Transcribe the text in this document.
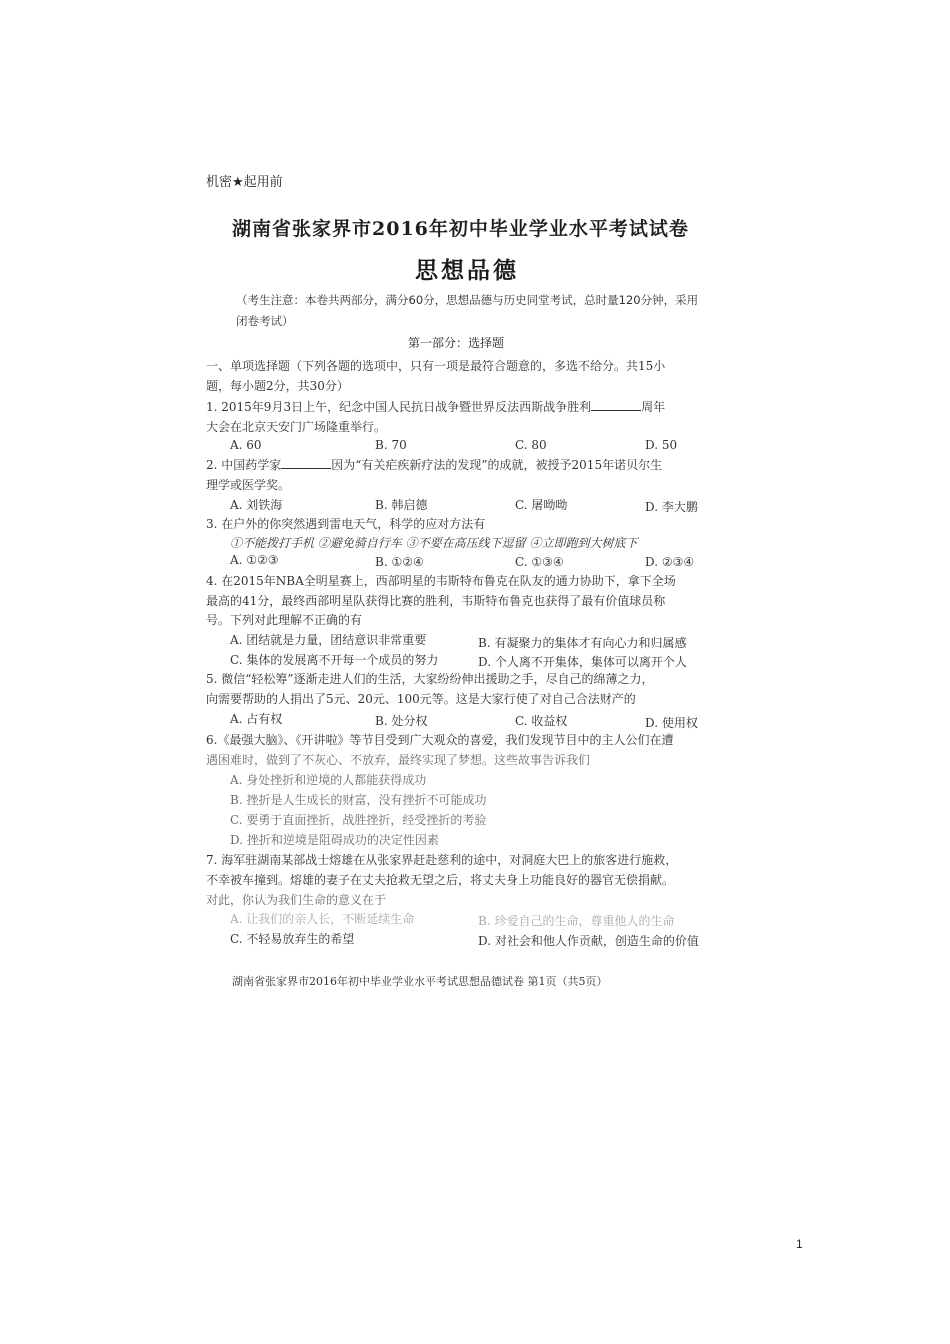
机密★起用前
湖南省张家界市2016年初中毕业学业水平考试试卷
思想品德
（考生注意：本卷共两部分，满分60分，思想品德与历史同堂考试，总时量120分钟，采用闭卷考试）
第一部分：选择题
一、单项选择题（下列各题的选项中，只有一项是最符合题意的，多选不给分。共15小
题，每小题2分，共30分）
1. 2015年9月3日上午，纪念中国人民抗日战争暨世界反法西斯战争胜利	周年
大会在北京天安门广场隆重举行。
A. 60	B. 70	C. 80	D. 50
2. 中国药学家	因为“有关疟疾新疗法的发现”的成就，被授予2015年诺贝尔生
理学或医学奖。
A. 刘铁海	B. 韩启德	C. 屠呦呦	D. 李大鹏
3. 在户外的你突然遇到雷电天气，科学的应对方法有
①不能拨打手机 ②避免骑自行车 ③不要在高压线下逗留 ④立即跑到大树底下
A. ①②③	B. ①②④	C. ①③④	D. ②③④
4. 在2015年NBA全明星赛上，西部明星的韦斯特布鲁克在队友的通力协助下，拿下全场
最高的41分，最终西部明星队获得比赛的胜利，韦斯特布鲁克也获得了最有价值球员称
号。下列对此理解不正确的有
A. 团结就是力量，团结意识非常重要	B. 有凝聚力的集体才有向心力和归属感
C. 集体的发展离不开每一个成员的努力	D. 个人离不开集体，集体可以离开个人
5. 微信“轻松筹”逐渐走进人们的生活，大家纷纷伸出援助之手，尽自己的绵薄之力，
向需要帮助的人捐出了5元、20元、100元等。这是大家行使了对自己合法财产的
A. 占有权	B. 处分权	C. 收益权	D. 使用权
6.《最强大脑》、《开讲啦》等节目受到广大观众的喜爱，我们发现节目中的主人公们在遭
遇困难时，做到了不灰心、不放弃，最终实现了梦想。这些故事告诉我们
A. 身处挫折和逆境的人都能获得成功
B. 挫折是人生成长的财富，没有挫折不可能成功
C. 要勇于直面挫折，战胜挫折，经受挫折的考验
D. 挫折和逆境是阻碍成功的决定性因素
7. 海军驻湖南某部战士熔雄在从张家界赶赴慈利的途中，对洞庭大巴上的旅客进行施救，
不幸被车撞到。熔雄的妻子在丈夫抢救无望之后，将丈夫身上功能良好的器官无偿捐献。
对此，你认为我们生命的意义在于
A. 让我们的亲人长，不断延续生命	B. 珍爱自己的生命，尊重他人的生命
C. 不轻易放弃生的希望	D. 对社会和他人作贡献，创造生命的价值
湖南省张家界市2016年初中毕业学业水平考试思想品德试卷 第1页（共5页）
1
